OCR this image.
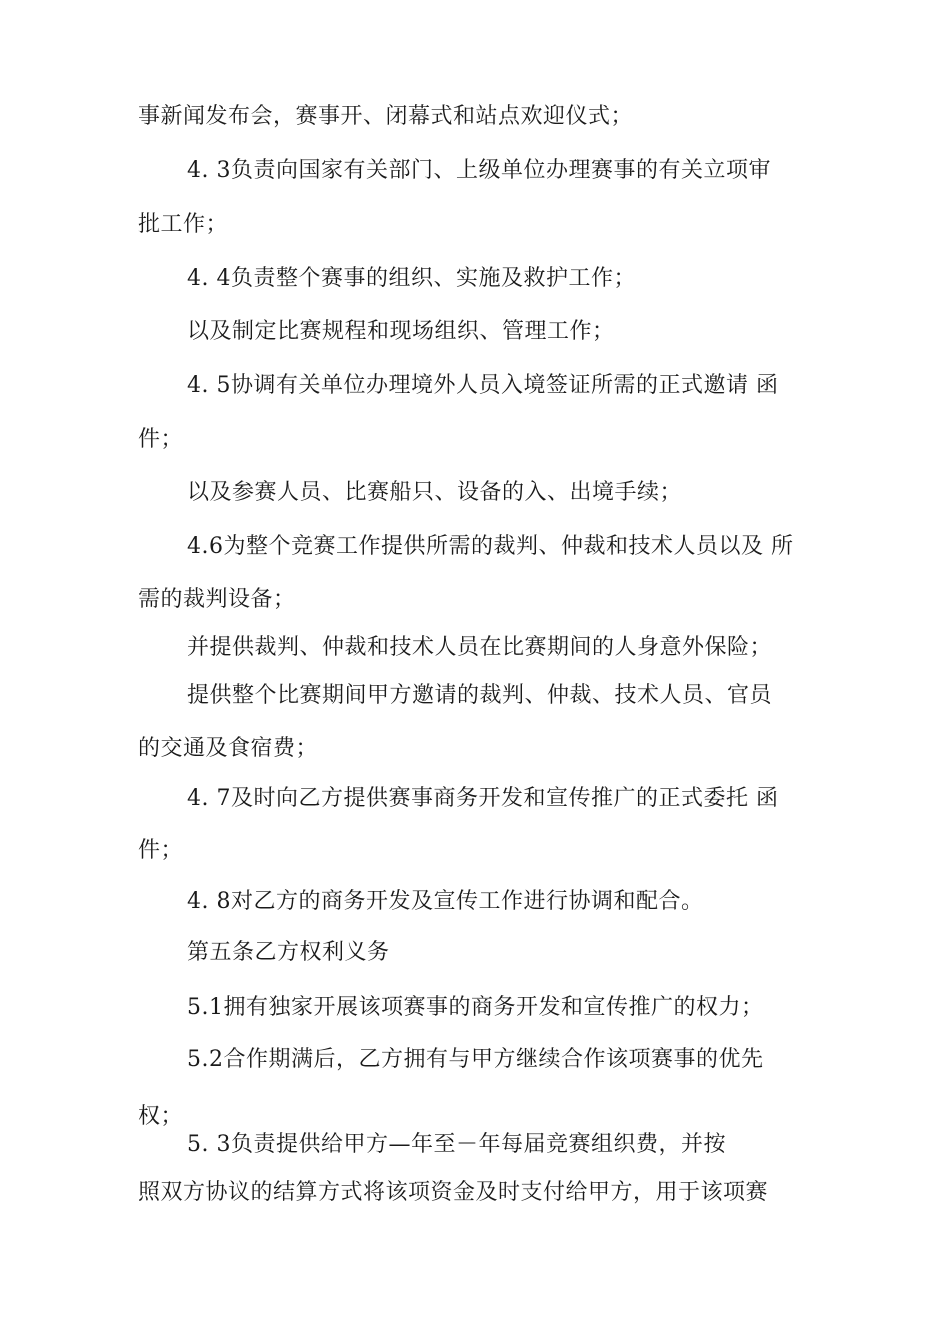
事新闻发布会，赛事开、闭幕式和站点欢迎仪式；
4. 3负责向国家有关部门、上级单位办理赛事的有关立项审
批工作；
4. 4负责整个赛事的组织、实施及救护工作；
以及制定比赛规程和现场组织、管理工作；
4. 5协调有关单位办理境外人员入境签证所需的正式邀请 函
件；
以及参赛人员、比赛船只、设备的入、出境手续；
4.6为整个竞赛工作提供所需的裁判、仲裁和技术人员以及 所
需的裁判设备；
并提供裁判、仲裁和技术人员在比赛期间的人身意外保险；
提供整个比赛期间甲方邀请的裁判、仲裁、技术人员、官员
的交通及食宿费；
4. 7及时向乙方提供赛事商务开发和宣传推广的正式委托 函
件；
4. 8对乙方的商务开发及宣传工作进行协调和配合。
第五条乙方权利义务
5.1拥有独家开展该项赛事的商务开发和宣传推广的权力；
5.2合作期满后，乙方拥有与甲方继续合作该项赛事的优先
权；
5. 3负责提供给甲方—年至－年每届竞赛组织费，并按
照双方协议的结算方式将该项资金及时支付给甲方，用于该项赛
